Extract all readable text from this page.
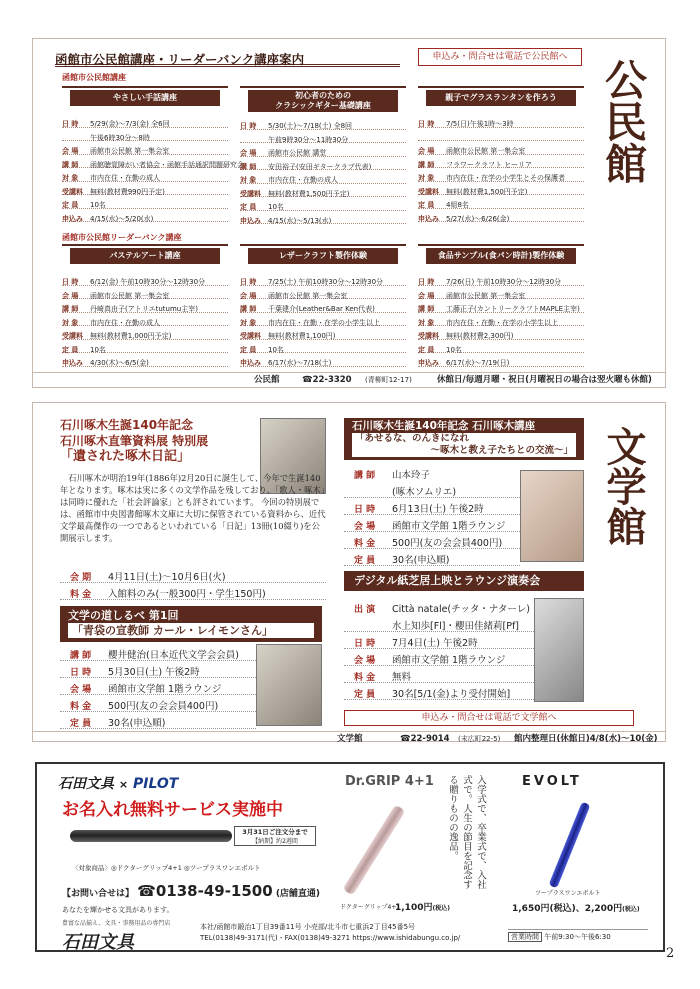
函館市公民館講座・リーダーバンク講座案内	申込み・問合せは電話で公民館へ
公民館
函館市公民館講座
函館市公民館リーダーバンク講座
やさしい手話講座
日 時 5/29(金)〜7/3(金) 全6回
午後6時30分〜8時
会 場 函館市公民館 第一集会室
講 師 函館聴覚障がい者協会・函館手話通訳問題研究会
対 象 市内在住・在勤の成人
受講料 無料(教材費990円予定)
定 員 10名
申込み 4/15(水)〜5/20(水)
初心者のための
クラシックギター基礎講座
日 時 5/30(土)〜7/18(土) 全8回
午前9時30分〜11時30分
会 場 函館市公民館 講堂
講 師 安田裕子(安田ギタークラブ代表)
対 象 市内在住・在勤の成人
受講料 無料(教材費1,500円予定)
定 員 10名
申込み 4/15(水)〜5/13(水)
親子でグラスランタンを作ろう
日 時 7/5(日)午後1時〜3時
会 場 函館市公民館 第一集会室
講 師 フラワークラフト ヒーリア
対 象 市内在住・在学の小学生とその保護者
受講料 無料(教材費1,500円予定)
定 員 4組8名
申込み 5/27(水)〜6/26(金)
パステルアート講座
日 時 6/12(金) 午前10時30分〜12時30分
会 場 函館市公民館 第一集会室
講 師 丹崎真由子(アトリエtutumu主宰)
対 象 市内在住・在勤の成人
受講料 無料(教材費1,000円予定)
定 員 10名
申込み 4/30(木)〜6/5(金)
レザークラフト製作体験
日 時 7/25(土) 午前10時30分〜12時30分
会 場 函館市公民館 第一集会室
講 師 千葉建介(Leather&Bar Ken代表)
対 象 市内在住・在勤・在学の小学生以上
受講料 無料(教材費1,100円)
定 員 10名
申込み 6/17(水)〜7/18(土)
食品サンプル(食パン時計)製作体験
日 時 7/26(日) 午前10時30分〜12時30分
会 場 函館市公民館 第一集会室
講 師 工藤正子(カントリークラフトMAPLE主宰)
対 象 市内在住・在勤・在学の小学生以上
受講料 無料(教材費2,300円)
定 員 10名
申込み 6/17(水)〜7/19(日)
公民館	☎22-3320 (青柳町12-17)	休館日/毎週月曜・祝日(月曜祝日の場合は翌火曜も休館)
文学館
石川啄木生誕140年記念
石川啄木直筆資料展 特別展
「遺された啄木日記」
石川啄木が明治19年(1886年)2月20日に誕生して、今年で生誕140年となります。啄木は実に多くの文学作品を残しており、「歌人・啄木」は同時に優れた「社会評論家」とも評されています。 今回の特別展では、函館市中央図書館啄木文庫に大切に保管されている資料から、近代文学最高傑作の一つであるといわれている「日記」13冊(10綴り)を公開展示します。
会 期 4月11日(土)〜10月6日(火)
料 金 入館料のみ(一般300円・学生150円)
文学の道しるべ 第1回
「青袋の宣教師 カール・レイモンさん」
講 師 櫻井健治(日本近代文学会会員)
日 時 5月30日(土) 午後2時
会 場 函館市文学館 1階ラウンジ
料 金 500円(友の会会員400円)
定 員 30名(申込順)
石川啄木生誕140年記念 石川啄木講座
「あせるな、のんきになれ
〜啄木と教え子たちとの交流〜」
講 師 山本玲子
(啄木ソムリエ)
日 時 6月13日(土) 午後2時
会 場 函館市文学館 1階ラウンジ
料 金 500円(友の会会員400円)
定 員 30名(申込順)
デジタル紙芝居上映とラウンジ演奏会
出 演 Città natale(チッタ・ナターレ)
水上知歩[Fl]・櫻田佳緒莉[Pf]
日 時 7月4日(土) 午後2時
会 場 函館市文学館 1階ラウンジ
料 金 無料
定 員 30名[5/1(金)より受付開始]
申込み・問合せは電話で文学館へ
文学館	☎22-9014 (末広町22-5) 館内整理日(休館日)4/8(水)〜10(金)
石田文具 × PILOT
お名入れ無料サービス実施中
3月31日ご注文分まで
【納期】約2週間
〈対象商品〉◎ドクターグリップ4+1 ◎ツープラスワンエボルト
【お問い合せは】 ☎0138-49-1500 (店舗直通)
あなたを輝かせる文具があります。
豊富な品揃え、文具・事務用品の専門店
石田文具
本社/函館市鍛治1丁目39番11号 小売部/北斗市七重浜2丁目45番5号
TEL(0138)49-3171(代)・FAX(0138)49-3271 https://www.ishidabungu.co.jp/
Dr.GRIP 4+1
ドクターグリップ4+1
1,100円(税込)
入学式で、卒業式で、入社式で。人生の節目を記念する贈りものの逸品。	EVOLT
ツープラスワンエボルト
1,650円(税込)、2,200円(税込)
営業時間 午前9:30〜午後6:30
2
